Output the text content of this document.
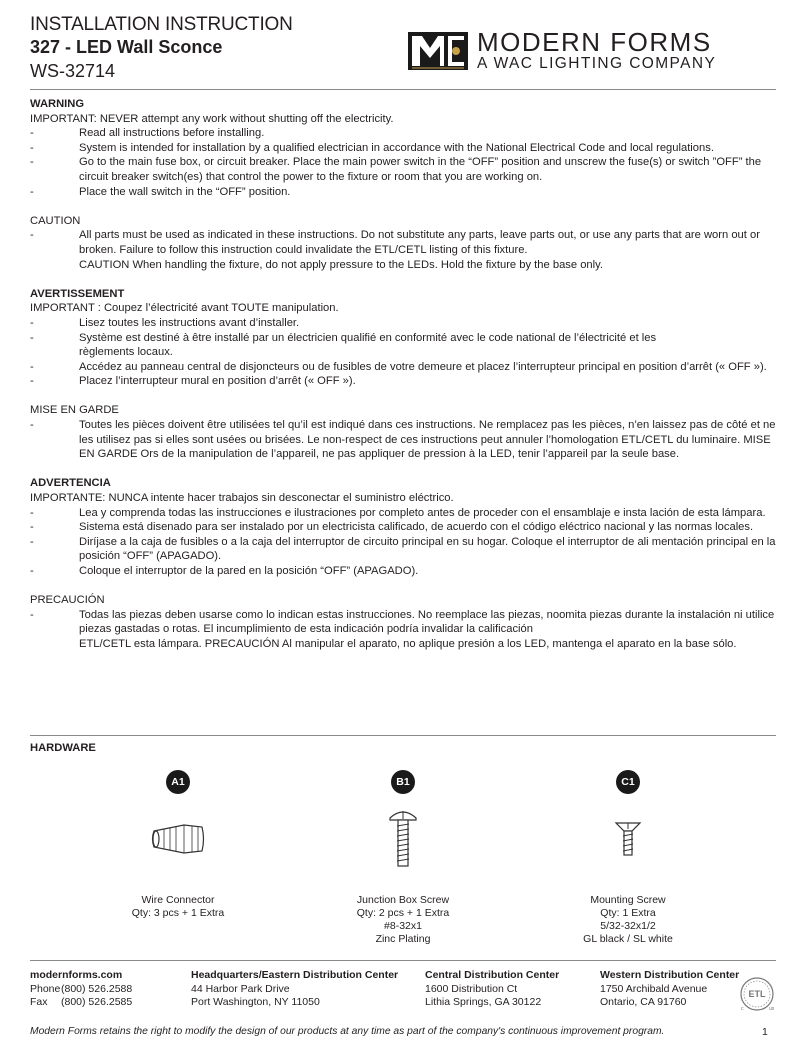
INSTALLATION INSTRUCTION
327 - LED Wall Sconce
WS-32714
MODERN FORMS
A WAC LIGHTING COMPANY
WARNING
IMPORTANT: NEVER attempt any work without shutting off the electricity.
-	Read all instructions before installing.
-	System is intended for installation by a qualified electrician in accordance with the National Electrical Code and local regulations.
-	Go to the main fuse box, or circuit breaker. Place the main power switch in the “OFF” position and unscrew the fuse(s) or switch ”OFF” the circuit breaker switch(es) that control the power to the fixture or room that you are working on.
-	Place the wall switch in the “OFF” position.
CAUTION
-	All parts must be used as indicated in these instructions. Do not substitute any parts, leave parts out, or use any parts that are worn out or broken. Failure to follow this instruction could invalidate the ETL/CETL listing of this fixture.
CAUTION When handling the fixture, do not apply pressure to the LEDs. Hold the fixture by the base only.
AVERTISSEMENT
IMPORTANT : Coupez l’électricité avant TOUTE manipulation.
-	Lisez toutes les instructions avant d’installer.
-	Système est destiné à être installé par un électricien qualifié en conformité avec le code national de l’électricité et les règlements locaux.
-	Accédez au panneau central de disjoncteurs ou de fusibles de votre demeure et placez l’interrupteur principal en position d’arrêt (« OFF »).
-	Placez l’interrupteur mural en position d’arrêt (« OFF »).
MISE EN GARDE
-	Toutes les pièces doivent être utilisées tel qu’il est indiqué dans ces instructions. Ne remplacez pas les pièces, n’en laissez pas de côté et ne les utilisez pas si elles sont usées ou brisées. Le non-respect de ces instructions peut annuler l’homologation ETL/CETL du luminaire. MISE EN GARDE Ors de la manipulation de l’appareil, ne pas appliquer de pression à la LED, tenir l’appareil par la seule base.
ADVERTENCIA
IMPORTANTE: NUNCA intente hacer trabajos sin desconectar el suministro eléctrico.
-	Lea y comprenda todas las instrucciones e ilustraciones por completo antes de proceder con el ensamblaje e insta lación de esta lámpara.
-	Sistema está disenado para ser instalado por un electricista calificado, de acuerdo con el código eléctrico nacional y las normas locales.
-	Diríjase a la caja de fusibles o a la caja del interruptor de circuito principal en su hogar. Coloque el interruptor de ali mentación principal en la posición “OFF” (APAGADO).
-	Coloque el interruptor de la pared en la posición “OFF” (APAGADO).
PRECAUCIÓN
-	Todas las piezas deben usarse como lo indican estas instrucciones. No reemplace las piezas, noomita piezas durante la instalación ni utilice piezas gastadas o rotas. El incumplimiento de esta indicación podría invalidar la calificación
ETL/CETL esta lámpara. PRECAUCIÓN Al manipular el aparato, no aplique presión a los LED, mantenga el aparato en la base sólo.
HARDWARE
A1
Wire Connector
Qty: 3 pcs + 1 Extra
B1
Junction Box Screw
Qty: 2 pcs + 1 Extra
#8-32x1
Zinc Plating
C1
Mounting Screw
Qty: 1 Extra
5/32-32x1/2
GL black / SL white
modernforms.com
Phone(800) 526.2588
Fax (800) 526.2585
Headquarters/Eastern Distribution Center
44 Harbor Park Drive
Port Washington, NY 11050
Central Distribution Center
1600 Distribution Ct
Lithia Springs, GA 30122
Western Distribution Center
1750 Archibald Avenue
Ontario, CA 91760
ETL
c	us
Modern Forms retains the right to modify the design of our products at any time as part of the company's continuous improvement program.	1
